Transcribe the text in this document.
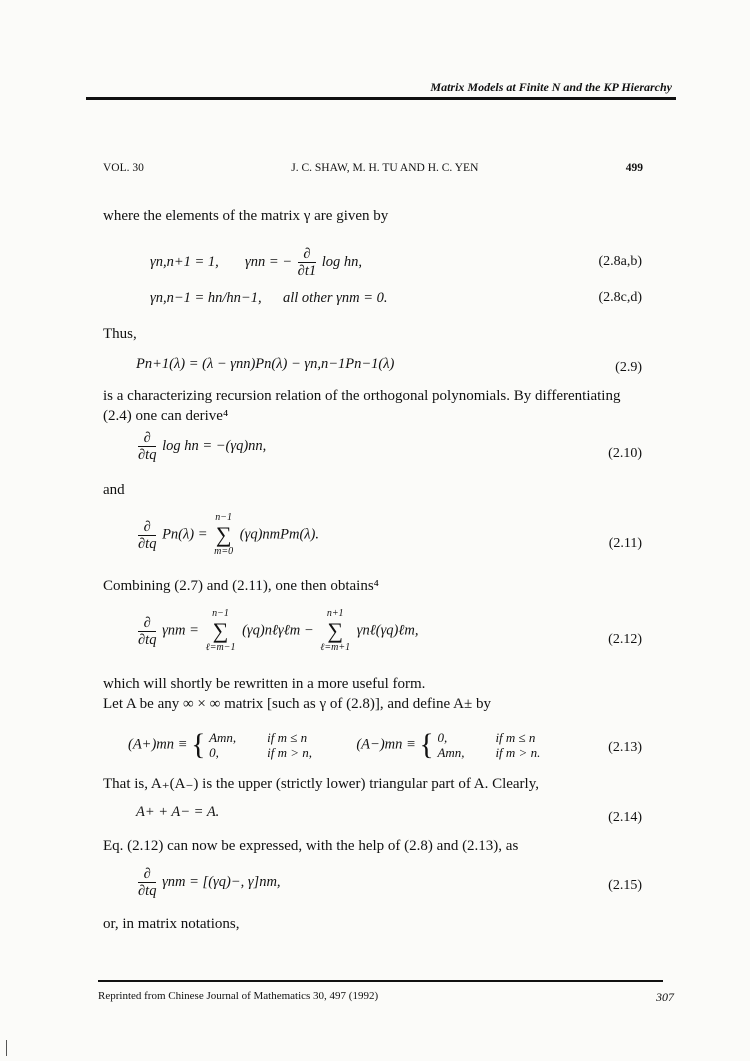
Matrix Models at Finite N and the KP Hierarchy
VOL. 30	J. C. SHAW, M. H. TU AND H. C. YEN	499
where the elements of the matrix γ are given by
γn,n+1 = 1, γnn = − $\frac{\partial}{\partial t1}$ log hn,	(2.8a,b)
γn,n−1 = hn/hn−1, all other γnm = 0.	(2.8c,d)
Thus,
Pn+1(λ) = (λ − γnn)Pn(λ) − γn,n−1Pn−1(λ)	(2.9)
is a characterizing recursion relation of the orthogonal polynomials. By differentiating (2.4) one can derive⁴
$\frac{\partial}{\partial tq}$ log hn = −(γq)nn,	(2.10)
and
$\frac{\partial}{\partial tq} Pn(\lambda)$ =
n−1
∑
m=0
(γq)nmPm(λ).
(2.11)
Combining (2.7) and (2.11), one then obtains⁴
$\frac{\partial}{\partial tq}$ γnm =
n−1
∑
ℓ=m−1
(γq)nℓγℓm −
n+1
∑
ℓ=m+1
γnℓ(γq)ℓm,
(2.12)
which will shortly be rewritten in a more useful form.
Let A be any ∞ × ∞ matrix [such as γ of (2.8)], and define A± by
(A+)mn ≡ { Amn, if m ≤ n
0,	if m > n,
(A−)mn ≡ { 0,	if m ≤ n
Amn, if m > n.	(2.13)
That is, A₊(A₋) is the upper (strictly lower) triangular part of A. Clearly,
A+ + A− = A.	(2.14)
Eq. (2.12) can now be expressed, with the help of (2.8) and (2.13), as
$\frac{\partial}{\partial tq}$ γnm = [(γq)−, γ]nm,	(2.15)
or, in matrix notations,
Reprinted from Chinese Journal of Mathematics 30, 497 (1992)	307
